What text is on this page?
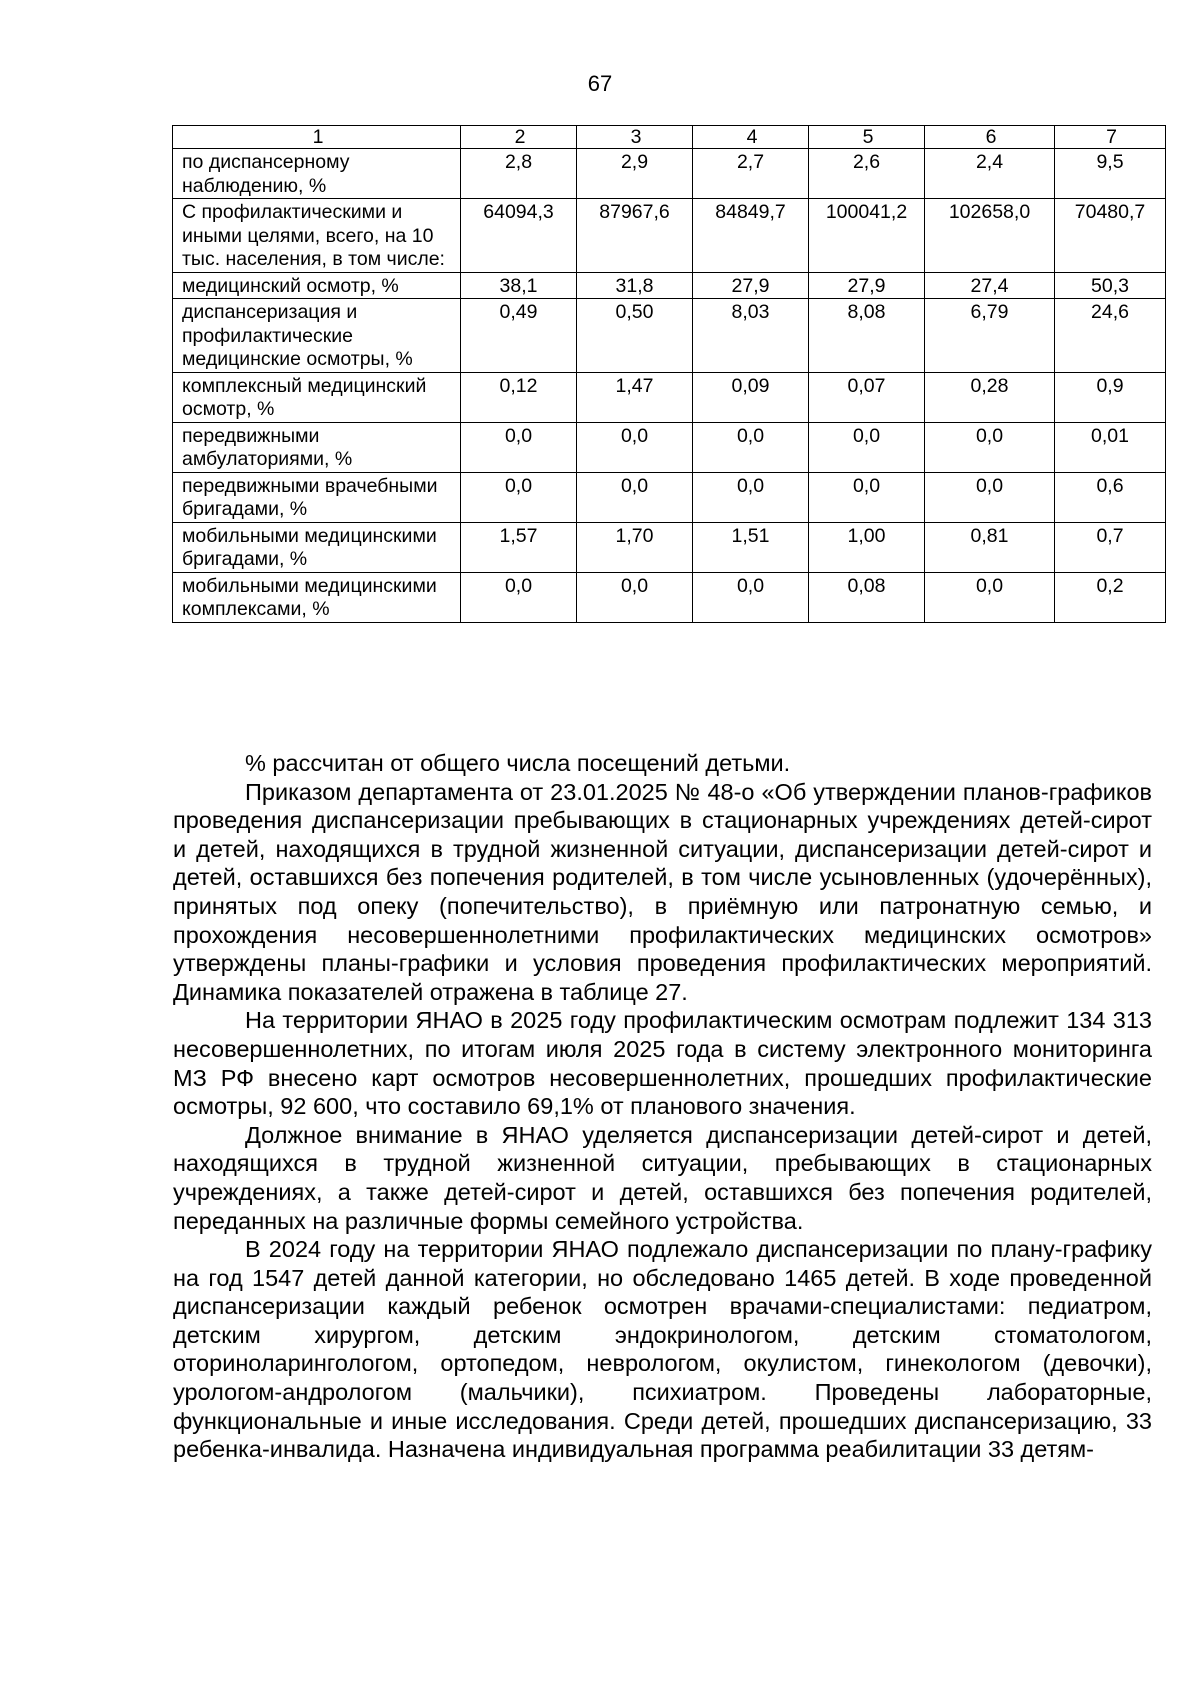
67
1	2	3	4	5	6	7
по диспансерному наблюдению, %	2,8	2,9	2,7	2,6	2,4	9,5
С профилактическими и иными целями, всего, на 10 тыс. населения, в том числе:	64094,3	87967,6	84849,7	100041,2	102658,0	70480,7
медицинский осмотр, %	38,1	31,8	27,9	27,9	27,4	50,3
диспансеризация и профилактические медицинские осмотры, %	0,49	0,50	8,03	8,08	6,79	24,6
комплексный медицинский осмотр, %	0,12	1,47	0,09	0,07	0,28	0,9
передвижными амбулаториями, %	0,0	0,0	0,0	0,0	0,0	0,01
передвижными врачебными бригадами, %	0,0	0,0	0,0	0,0	0,0	0,6
мобильными медицинскими бригадами, %	1,57	1,70	1,51	1,00	0,81	0,7
мобильными медицинскими комплексами, %	0,0	0,0	0,0	0,08	0,0	0,2

% рассчитан от общего числа посещений детьми.

Приказом департамента от 23.01.2025 № 48-о «Об утверждении планов-графиков проведения диспансеризации пребывающих в стационарных учреждениях детей-сирот и детей, находящихся в трудной жизненной ситуации, диспансеризации детей-сирот и детей, оставшихся без попечения родителей, в том числе усыновленных (удочерённых), принятых под опеку (попечительство), в приёмную или патронатную семью, и прохождения несовершеннолетними профилактических медицинских осмотров» утверждены планы-графики и условия проведения профилактических мероприятий. Динамика показателей отражена в таблице 27.

На территории ЯНАО в 2025 году профилактическим осмотрам подлежит 134 313 несовершеннолетних, по итогам июля 2025 года в систему электронного мониторинга МЗ РФ внесено карт осмотров несовершеннолетних, прошедших профилактические осмотры, 92 600, что составило 69,1% от планового значения.

Должное внимание в ЯНАО уделяется диспансеризации детей-сирот и детей, находящихся в трудной жизненной ситуации, пребывающих в стационарных учреждениях, а также детей-сирот и детей, оставшихся без попечения родителей, переданных на различные формы семейного устройства.

В 2024 году на территории ЯНАО подлежало диспансеризации по плану-графику на год 1547 детей данной категории, но обследовано 1465 детей. В ходе проведенной диспансеризации каждый ребенок осмотрен врачами-специалистами: педиатром, детским хирургом, детским эндокринологом, детским стоматологом, оториноларингологом, ортопедом, неврологом, окулистом, гинекологом (девочки), урологом-андрологом (мальчики), психиатром. Проведены лабораторные, функциональные и иные исследования. Среди детей, прошедших диспансеризацию, 33 ребенка-инвалида. Назначена индивидуальная программа реабилитации 33 детям-
